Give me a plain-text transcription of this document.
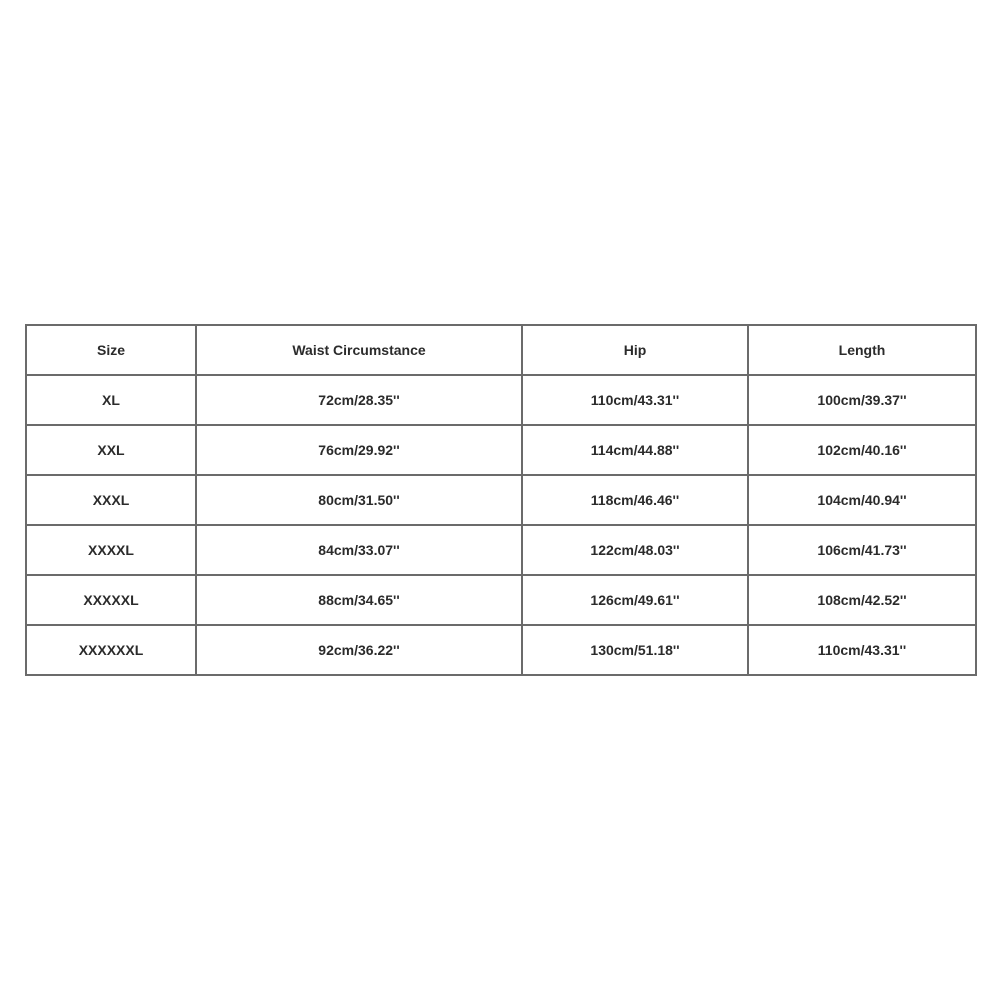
Size	Waist Circumstance	Hip	Length
XL	72cm/28.35''	110cm/43.31''	100cm/39.37''
XXL	76cm/29.92''	114cm/44.88''	102cm/40.16''
XXXL	80cm/31.50''	118cm/46.46''	104cm/40.94''
XXXXL	84cm/33.07''	122cm/48.03''	106cm/41.73''
XXXXXL	88cm/34.65''	126cm/49.61''	108cm/42.52''
XXXXXXL	92cm/36.22''	130cm/51.18''	110cm/43.31''
